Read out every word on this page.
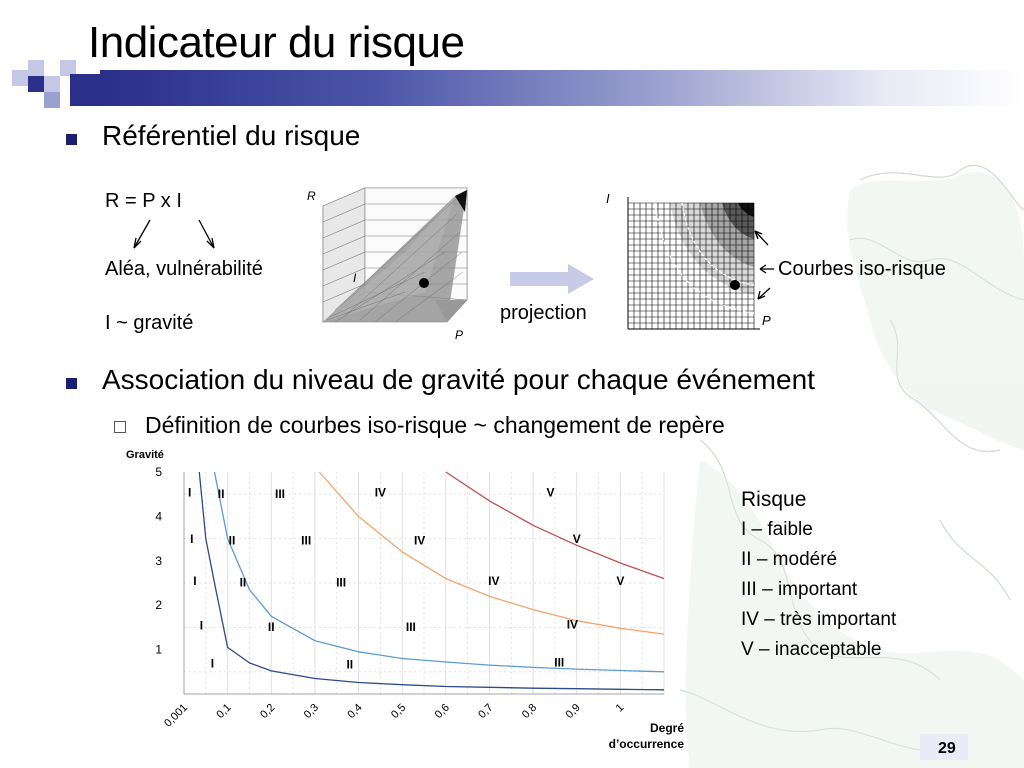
Indicateur du risque
Référentiel du risque
R = P x I
Aléa, vulnérabilité
I ~ gravité
R
I
P
projection
I
P
Courbes iso-risque
Association du niveau de gravité pour chaque événement
Définition de courbes iso-risque ~ changement de repère
Gravité
1
2
3
4
5
0,001 0,1 0,2 0,3 0,4 0,5 0,6 0,7 0,8 0,9	1
I II	III	IV	V
I	II	III	IV	V
I	II	III	IV	V
I	II	III	IV
I	II	III
Degré d’occurrence
Risque
I – faible
II – modéré
III – important
IV – très important
V – inacceptable
29
